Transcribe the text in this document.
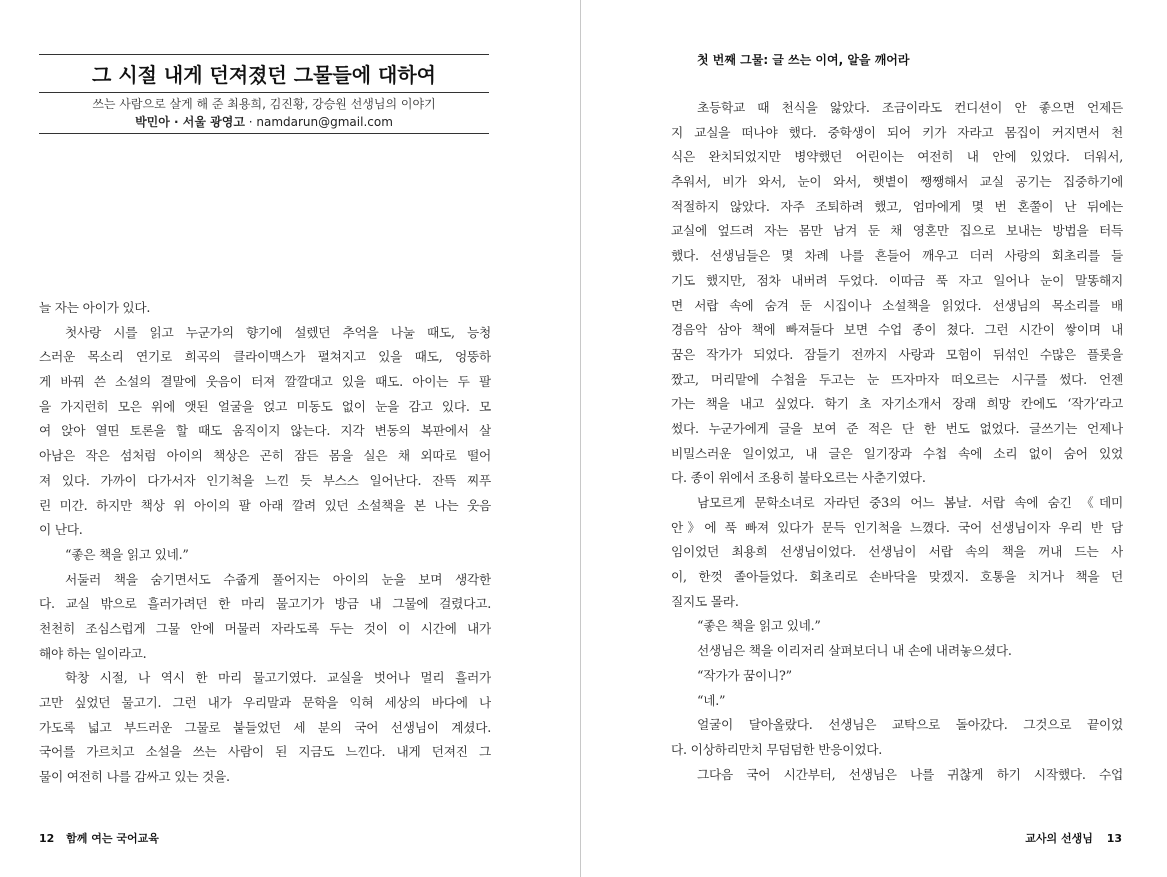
그 시절 내게 던져졌던 그물들에 대하여
쓰는 사람으로 살게 해 준 최용희, 김진황, 강승원 선생님의 이야기
박민아 · 서울 광영고 · namdarun@gmail.com
늘 자는 아이가 있다.
첫사랑 시를 읽고 누군가의 향기에 설렜던 추억을 나눌 때도, 능청
스러운 목소리 연기로 희곡의 클라이맥스가 펼쳐지고 있을 때도, 엉뚱하
게 바꿔 쓴 소설의 결말에 웃음이 터져 깔깔대고 있을 때도. 아이는 두 팔
을 가지런히 모은 위에 앳된 얼굴을 얹고 미동도 없이 눈을 감고 있다. 모
여 앉아 열띤 토론을 할 때도 움직이지 않는다. 지각 변동의 복판에서 살
아남은 작은 섬처럼 아이의 책상은 곤히 잠든 몸을 실은 채 외따로 떨어
져 있다. 가까이 다가서자 인기척을 느낀 듯 부스스 일어난다. 잔뜩 찌푸
린 미간. 하지만 책상 위 아이의 팔 아래 깔려 있던 소설책을 본 나는 웃음
이 난다.
“좋은 책을 읽고 있네.”
서둘러 책을 숨기면서도 수줍게 풀어지는 아이의 눈을 보며 생각한
다. 교실 밖으로 흘러가려던 한 마리 물고기가 방금 내 그물에 걸렸다고.
천천히 조심스럽게 그물 안에 머물러 자라도록 두는 것이 이 시간에 내가
해야 하는 일이라고.
학창 시절, 나 역시 한 마리 물고기였다. 교실을 벗어나 멀리 흘러가
고만 싶었던 물고기. 그런 내가 우리말과 문학을 익혀 세상의 바다에 나
가도록 넓고 부드러운 그물로 붙들었던 세 분의 국어 선생님이 계셨다.
국어를 가르치고 소설을 쓰는 사람이 된 지금도 느낀다. 내게 던져진 그
물이 여전히 나를 감싸고 있는 것을.
12 함께 여는 국어교육
첫 번째 그물: 글 쓰는 이여, 알을 깨어라
초등학교 때 천식을 앓았다. 조금이라도 컨디션이 안 좋으면 언제든
지 교실을 떠나야 했다. 중학생이 되어 키가 자라고 몸집이 커지면서 천
식은 완치되었지만 병약했던 어린이는 여전히 내 안에 있었다. 더워서,
추워서, 비가 와서, 눈이 와서, 햇볕이 쨍쨍해서 교실 공기는 집중하기에
적절하지 않았다. 자주 조퇴하려 했고, 엄마에게 몇 번 혼쭐이 난 뒤에는
교실에 엎드려 자는 몸만 남겨 둔 채 영혼만 집으로 보내는 방법을 터득
했다. 선생님들은 몇 차례 나를 흔들어 깨우고 더러 사랑의 회초리를 들
기도 했지만, 점차 내버려 두었다. 이따금 푹 자고 일어나 눈이 말똥해지
면 서랍 속에 숨겨 둔 시집이나 소설책을 읽었다. 선생님의 목소리를 배
경음악 삼아 책에 빠져들다 보면 수업 종이 쳤다. 그런 시간이 쌓이며 내
꿈은 작가가 되었다. 잠들기 전까지 사랑과 모험이 뒤섞인 수많은 플롯을
짰고, 머리맡에 수첩을 두고는 눈 뜨자마자 떠오르는 시구를 썼다. 언젠
가는 책을 내고 싶었다. 학기 초 자기소개서 장래 희망 칸에도 ‘작가’라고
썼다. 누군가에게 글을 보여 준 적은 단 한 번도 없었다. 글쓰기는 언제나
비밀스러운 일이었고, 내 글은 일기장과 수첩 속에 소리 없이 숨어 있었
다. 종이 위에서 조용히 불타오르는 사춘기였다.
남모르게 문학소녀로 자라던 중3의 어느 봄날. 서랍 속에 숨긴 《데미
안》에 푹 빠져 있다가 문득 인기척을 느꼈다. 국어 선생님이자 우리 반 담
임이었던 최용희 선생님이었다. 선생님이 서랍 속의 책을 꺼내 드는 사
이, 한껏 졸아들었다. 회초리로 손바닥을 맞겠지. 호통을 치거나 책을 던
질지도 몰라.
“좋은 책을 읽고 있네.”
선생님은 책을 이리저리 살펴보더니 내 손에 내려놓으셨다.
“작가가 꿈이니?”
“네.”
얼굴이 달아올랐다. 선생님은 교탁으로 돌아갔다. 그것으로 끝이었
다. 이상하리만치 무덤덤한 반응이었다.
그다음 국어 시간부터, 선생님은 나를 귀찮게 하기 시작했다. 수업
교사의 선생님 13
